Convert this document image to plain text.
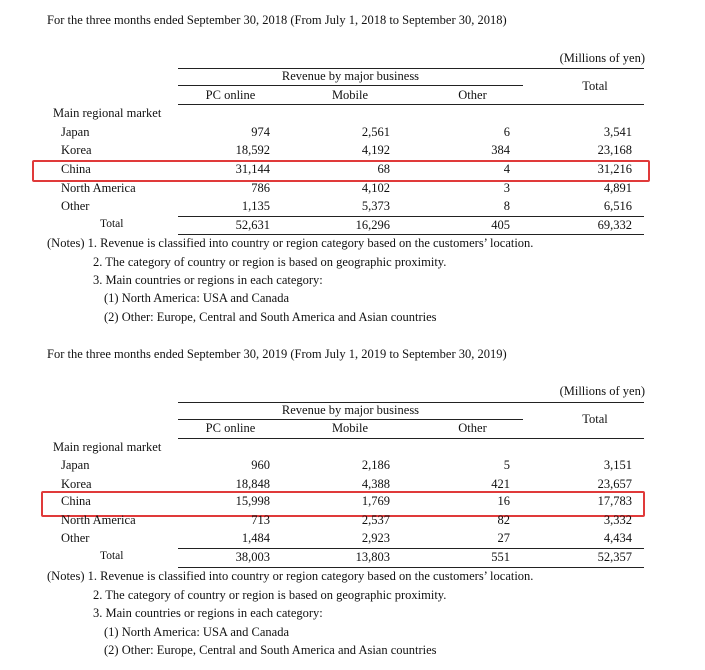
For the three months ended September 30, 2018 (From July 1, 2018 to September 30, 2018)
(Millions of yen)
Revenue by major business
Total
PC online	Mobile	Other
Main regional market
Japan	974	2,561	6	3,541
Korea	18,592	4,192	384	23,168
China	31,144	68	4	31,216
North America	786	4,102	3	4,891
Other	1,135	5,373	8	6,516
Total	52,631	16,296	405	69,332
(Notes) 1. Revenue is classified into country or region category based on the customers’ location.
2. The category of country or region is based on geographic proximity.
3. Main countries or regions in each category:
(1) North America: USA and Canada
(2) Other: Europe, Central and South America and Asian countries
For the three months ended September 30, 2019 (From July 1, 2019 to September 30, 2019)
(Millions of yen)
Revenue by major business
Total
PC online	Mobile	Other
Main regional market
Japan	960	2,186	5	3,151
Korea	18,848	4,388	421	23,657
China	15,998	1,769	16	17,783
North America	713	2,537	82	3,332
Other	1,484	2,923	27	4,434
Total	38,003	13,803	551	52,357
(Notes) 1. Revenue is classified into country or region category based on the customers’ location.
2. The category of country or region is based on geographic proximity.
3. Main countries or regions in each category:
(1) North America: USA and Canada
(2) Other: Europe, Central and South America and Asian countries
